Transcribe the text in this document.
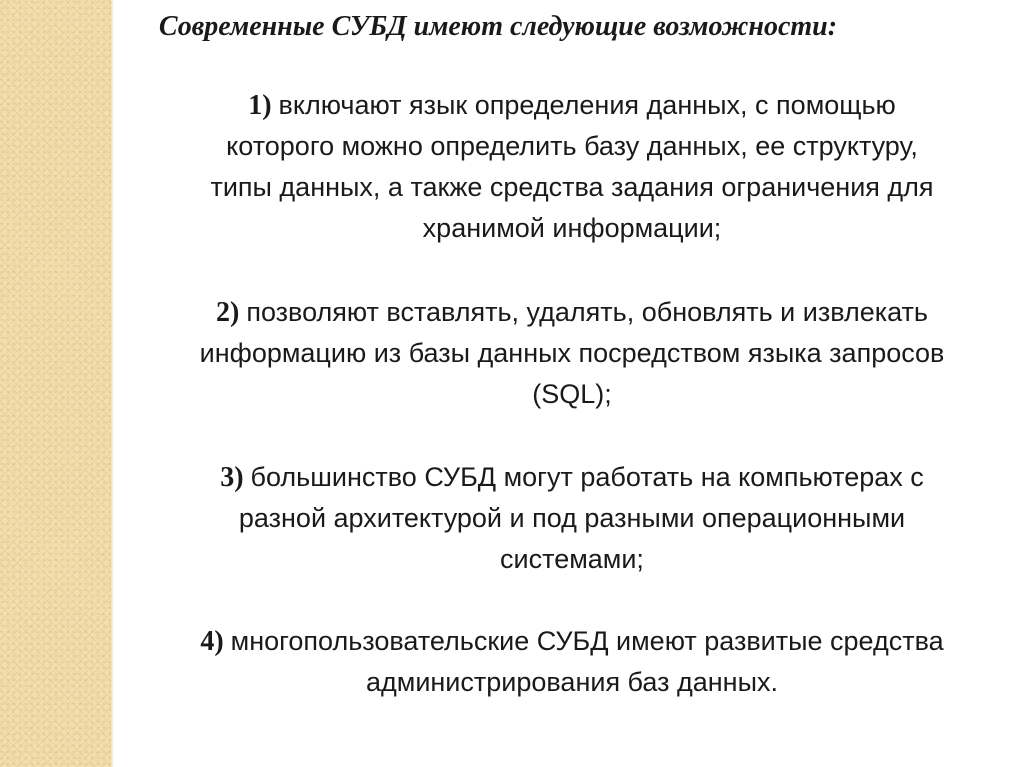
Современные СУБД имеют следующие возможности:
1) включают язык определения данных, с помощью
которого можно определить базу данных, ее структуру,
типы данных, а также средства задания ограничения для
хранимой информации;
2) позволяют вставлять, удалять, обновлять и извлекать
информацию из базы данных посредством языка запросов
(SQL);
3) большинство СУБД могут работать на компьютерах с
разной архитектурой и под разными операционными
системами;
4) многопользовательские СУБД имеют развитые средства
администрирования баз данных.
